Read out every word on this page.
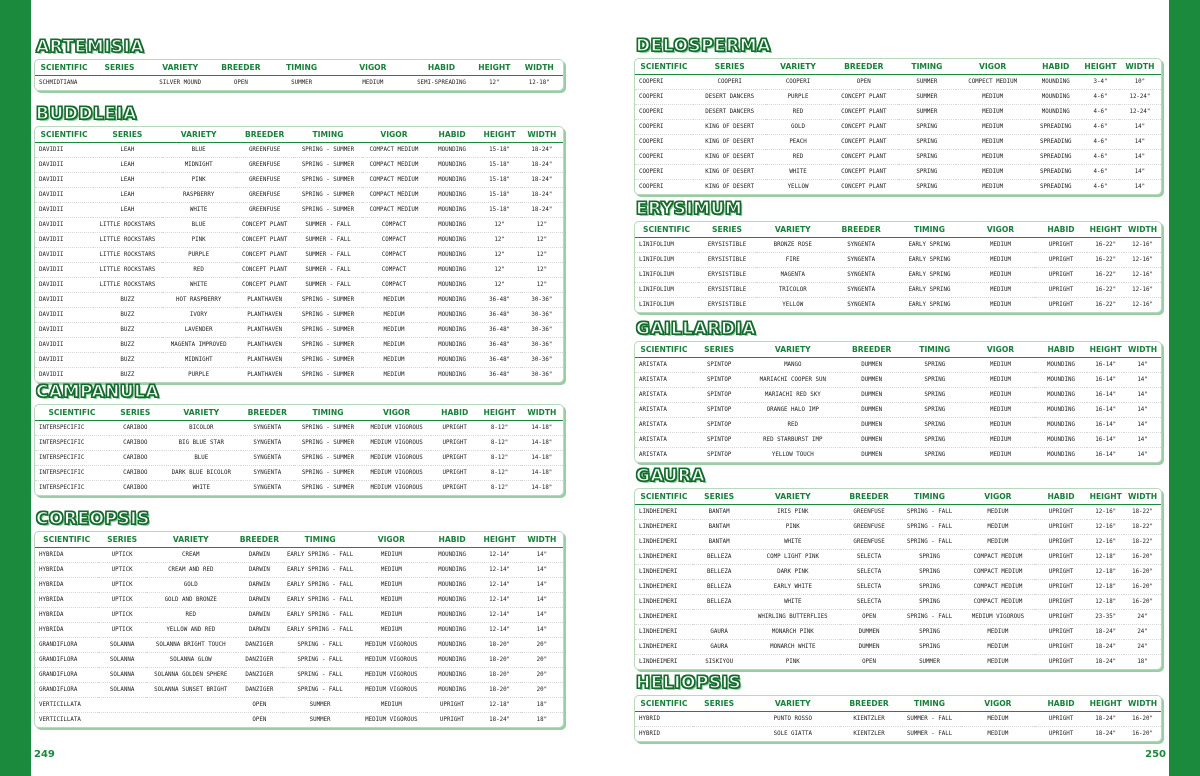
ARTEMISIA
SCIENTIFIC	SERIES	VARIETY	BREEDER	TIMING	VIGOR	HABID	HEIGHT	WIDTH
SCHMIDTIANA		SILVER MOUND	OPEN	SUMMER	MEDIUM	SEMI-SPREADING	12"	12-18"
BUDDLEIA
SCIENTIFIC	SERIES	VARIETY	BREEDER	TIMING	VIGOR	HABID	HEIGHT	WIDTH
DAVIDII	LEAH	BLUE	GREENFUSE	SPRING - SUMMER	COMPACT MEDIUM	MOUNDING	15-18"	18-24"
DAVIDII	LEAH	MIDNIGHT	GREENFUSE	SPRING - SUMMER	COMPACT MEDIUM	MOUNDING	15-18"	18-24"
DAVIDII	LEAH	PINK	GREENFUSE	SPRING - SUMMER	COMPACT MEDIUM	MOUNDING	15-18"	18-24"
DAVIDII	LEAH	RASPBERRY	GREENFUSE	SPRING - SUMMER	COMPACT MEDIUM	MOUNDING	15-18"	18-24"
DAVIDII	LEAH	WHITE	GREENFUSE	SPRING - SUMMER	COMPACT MEDIUM	MOUNDING	15-18"	18-24"
DAVIDII	LITTLE ROCKSTARS	BLUE	CONCEPT PLANT	SUMMER - FALL	COMPACT	MOUNDING	12"	12"
DAVIDII	LITTLE ROCKSTARS	PINK	CONCEPT PLANT	SUMMER - FALL	COMPACT	MOUNDING	12"	12"
DAVIDII	LITTLE ROCKSTARS	PURPLE	CONCEPT PLANT	SUMMER - FALL	COMPACT	MOUNDING	12"	12"
DAVIDII	LITTLE ROCKSTARS	RED	CONCEPT PLANT	SUMMER - FALL	COMPACT	MOUNDING	12"	12"
DAVIDII	LITTLE ROCKSTARS	WHITE	CONCEPT PLANT	SUMMER - FALL	COMPACT	MOUNDING	12"	12"
DAVIDII	BUZZ	HOT RASPBERRY	PLANTHAVEN	SPRING - SUMMER	MEDIUM	MOUNDING	36-48"	30-36"
DAVIDII	BUZZ	IVORY	PLANTHAVEN	SPRING - SUMMER	MEDIUM	MOUNDING	36-48"	30-36"
DAVIDII	BUZZ	LAVENDER	PLANTHAVEN	SPRING - SUMMER	MEDIUM	MOUNDING	36-48"	30-36"
DAVIDII	BUZZ	MAGENTA IMPROVED	PLANTHAVEN	SPRING - SUMMER	MEDIUM	MOUNDING	36-48"	30-36"
DAVIDII	BUZZ	MIDNIGHT	PLANTHAVEN	SPRING - SUMMER	MEDIUM	MOUNDING	36-48"	30-36"
DAVIDII	BUZZ	PURPLE	PLANTHAVEN	SPRING - SUMMER	MEDIUM	MOUNDING	36-48"	30-36"
CAMPANULA
SCIENTIFIC	SERIES	VARIETY	BREEDER	TIMING	VIGOR	HABID	HEIGHT	WIDTH
INTERSPECIFIC	CARIBOO	BICOLOR	SYNGENTA	SPRING - SUMMER	MEDIUM VIGOROUS	UPRIGHT	8-12"	14-18"
INTERSPECIFIC	CARIBOO	BIG BLUE STAR	SYNGENTA	SPRING - SUMMER	MEDIUM VIGOROUS	UPRIGHT	8-12"	14-18"
INTERSPECIFIC	CARIBOO	BLUE	SYNGENTA	SPRING - SUMMER	MEDIUM VIGOROUS	UPRIGHT	8-12"	14-18"
INTERSPECIFIC	CARIBOO	DARK BLUE BICOLOR	SYNGENTA	SPRING - SUMMER	MEDIUM VIGOROUS	UPRIGHT	8-12"	14-18"
INTERSPECIFIC	CARIBOO	WHITE	SYNGENTA	SPRING - SUMMER	MEDIUM VIGOROUS	UPRIGHT	8-12"	14-18"
COREOPSIS
SCIENTIFIC	SERIES	VARIETY	BREEDER	TIMING	VIGOR	HABID	HEIGHT	WIDTH
HYBRIDA	UPTICK	CREAM	DARWIN	EARLY SPRING - FALL	MEDIUM	MOUNDING	12-14"	14"
HYBRIDA	UPTICK	CREAM AND RED	DARWIN	EARLY SPRING - FALL	MEDIUM	MOUNDING	12-14"	14"
HYBRIDA	UPTICK	GOLD	DARWIN	EARLY SPRING - FALL	MEDIUM	MOUNDING	12-14"	14"
HYBRIDA	UPTICK	GOLD AND BRONZE	DARWIN	EARLY SPRING - FALL	MEDIUM	MOUNDING	12-14"	14"
HYBRIDA	UPTICK	RED	DARWIN	EARLY SPRING - FALL	MEDIUM	MOUNDING	12-14"	14"
HYBRIDA	UPTICK	YELLOW AND RED	DARWIN	EARLY SPRING - FALL	MEDIUM	MOUNDING	12-14"	14"
GRANDIFLORA	SOLANNA	SOLANNA BRIGHT TOUCH	DANZIGER	SPRING - FALL	MEDIUM VIGOROUS	MOUNDING	18-20"	20"
GRANDIFLORA	SOLANNA	SOLANNA GLOW	DANZIGER	SPRING - FALL	MEDIUM VIGOROUS	MOUNDING	18-20"	20"
GRANDIFLORA	SOLANNA	SOLANNA GOLDEN SPHERE	DANZIGER	SPRING - FALL	MEDIUM VIGOROUS	MOUNDING	18-20"	20"
GRANDIFLORA	SOLANNA	SOLANNA SUNSET BRIGHT	DANZIGER	SPRING - FALL	MEDIUM VIGOROUS	MOUNDING	18-20"	20"
VERTICILLATA			OPEN	SUMMER	MEDIUM	UPRIGHT	12-18"	18"
VERTICILLATA			OPEN	SUMMER	MEDIUM VIGOROUS	UPRIGHT	18-24"	18"
DELOSPERMA
SCIENTIFIC	SERIES	VARIETY	BREEDER	TIMING	VIGOR	HABID	HEIGHT	WIDTH
COOPERI	COOPERI	COOPERI	OPEN	SUMMER	COMPECT MEDIUM	MOUNDING	3-4"	10"
COOPERI	DESERT DANCERS	PURPLE	CONCEPT PLANT	SUMMER	MEDIUM	MOUNDING	4-6"	12-24"
COOPERI	DESERT DANCERS	RED	CONCEPT PLANT	SUMMER	MEDIUM	MOUNDING	4-6"	12-24"
COOPERI	KING OF DESERT	GOLD	CONCEPT PLANT	SPRING	MEDIUM	SPREADING	4-6"	14"
COOPERI	KING OF DESERT	PEACH	CONCEPT PLANT	SPRING	MEDIUM	SPREADING	4-6"	14"
COOPERI	KING OF DESERT	RED	CONCEPT PLANT	SPRING	MEDIUM	SPREADING	4-6"	14"
COOPERI	KING OF DESERT	WHITE	CONCEPT PLANT	SPRING	MEDIUM	SPREADING	4-6"	14"
COOPERI	KING OF DESERT	YELLOW	CONCEPT PLANT	SPRING	MEDIUM	SPREADING	4-6"	14"
ERYSIMUM
SCIENTIFIC	SERIES	VARIETY	BREEDER	TIMING	VIGOR	HABID	HEIGHT	WIDTH
LINIFOLIUM	ERYSISTIBLE	BRONZE ROSE	SYNGENTA	EARLY SPRING	MEDIUM	UPRIGHT	16-22"	12-16"
LINIFOLIUM	ERYSISTIBLE	FIRE	SYNGENTA	EARLY SPRING	MEDIUM	UPRIGHT	16-22"	12-16"
LINIFOLIUM	ERYSISTIBLE	MAGENTA	SYNGENTA	EARLY SPRING	MEDIUM	UPRIGHT	16-22"	12-16"
LINIFOLIUM	ERYSISTIBLE	TRICOLOR	SYNGENTA	EARLY SPRING	MEDIUM	UPRIGHT	16-22"	12-16"
LINIFOLIUM	ERYSISTIBLE	YELLOW	SYNGENTA	EARLY SPRING	MEDIUM	UPRIGHT	16-22"	12-16"
GAILLARDIA
SCIENTIFIC	SERIES	VARIETY	BREEDER	TIMING	VIGOR	HABID	HEIGHT	WIDTH
ARISTATA	SPINTOP	MANGO	DUMMEN	SPRING	MEDIUM	MOUNDING	16-14"	14"
ARISTATA	SPINTOP	MARIACHI COOPER SUN	DUMMEN	SPRING	MEDIUM	MOUNDING	16-14"	14"
ARISTATA	SPINTOP	MARIACHI RED SKY	DUMMEN	SPRING	MEDIUM	MOUNDING	16-14"	14"
ARISTATA	SPINTOP	ORANGE HALO IMP	DUMMEN	SPRING	MEDIUM	MOUNDING	16-14"	14"
ARISTATA	SPINTOP	RED	DUMMEN	SPRING	MEDIUM	MOUNDING	16-14"	14"
ARISTATA	SPINTOP	RED STARBURST IMP	DUMMEN	SPRING	MEDIUM	MOUNDING	16-14"	14"
ARISTATA	SPINTOP	YELLOW TOUCH	DUMMEN	SPRING	MEDIUM	MOUNDING	16-14"	14"
GAURA
SCIENTIFIC	SERIES	VARIETY	BREEDER	TIMING	VIGOR	HABID	HEIGHT	WIDTH
LINDHEIMERI	BANTAM	IRIS PINK	GREENFUSE	SPRING - FALL	MEDIUM	UPRIGHT	12-16"	18-22"
LINDHEIMERI	BANTAM	PINK	GREENFUSE	SPRING - FALL	MEDIUM	UPRIGHT	12-16"	18-22"
LINDHEIMERI	BANTAM	WHITE	GREENFUSE	SPRING - FALL	MEDIUM	UPRIGHT	12-16"	18-22"
LINDHEIMERI	BELLEZA	COMP LIGHT PINK	SELECTA	SPRING	COMPACT MEDIUM	UPRIGHT	12-18"	16-20"
LINDHEIMERI	BELLEZA	DARK PINK	SELECTA	SPRING	COMPACT MEDIUM	UPRIGHT	12-18"	16-20"
LINDHEIMERI	BELLEZA	EARLY WHITE	SELECTA	SPRING	COMPACT MEDIUM	UPRIGHT	12-18"	16-20"
LINDHEIMERI	BELLEZA	WHITE	SELECTA	SPRING	COMPACT MEDIUM	UPRIGHT	12-18"	16-20"
LINDHEIMERI		WHIRLING BUTTERFLIES	OPEN	SPRING - FALL	MEDIUM VIGOROUS	UPRIGHT	23-35"	24"
LINDHEIMERI	GAURA	MONARCH PINK	DUMMEN	SPRING	MEDIUM	UPRIGHT	18-24"	24"
LINDHEIMERI	GAURA	MONARCH WHITE	DUMMEN	SPRING	MEDIUM	UPRIGHT	18-24"	24"
LINDHEIMERI	SISKIYOU	PINK	OPEN	SUMMER	MEDIUM	UPRIGHT	18-24"	18"
HELIOPSIS
SCIENTIFIC	SERIES	VARIETY	BREEDER	TIMING	VIGOR	HABID	HEIGHT	WIDTH
HYBRID		PUNTO ROSSO	KIENTZLER	SUMMER - FALL	MEDIUM	UPRIGHT	18-24"	16-20"
HYBRID		SOLE GIATTA	KIENTZLER	SUMMER - FALL	MEDIUM	UPRIGHT	18-24"	16-20"
249	250
